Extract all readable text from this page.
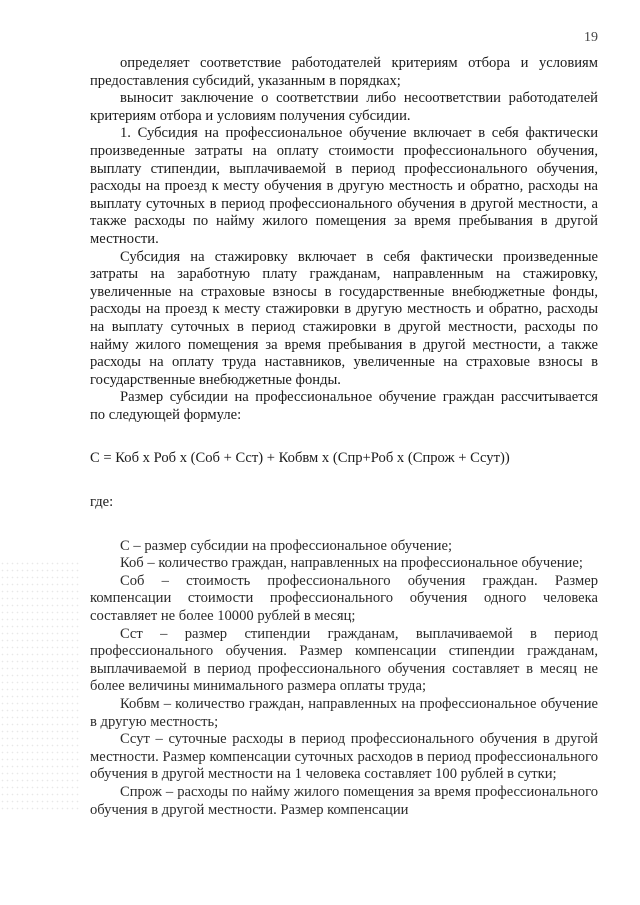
19

определяет соответствие работодателей критериям отбора и условиям предоставления субсидий, указанным в порядках;

выносит заключение о соответствии либо несоответствии работодателей критериям отбора и условиям получения субсидии.

1. Субсидия на профессиональное обучение включает в себя фактически произведенные затраты на оплату стоимости профессионального обучения, выплату стипендии, выплачиваемой в период профессионального обучения, расходы на проезд к месту обучения в другую местность и обратно, расходы на выплату суточных в период профессионального обучения в другой местности, а также расходы по найму жилого помещения за время пребывания в другой местности.

Субсидия на стажировку включает в себя фактически произведенные затраты на заработную плату гражданам, направленным на стажировку, увеличенные на страховые взносы в государственные внебюджетные фонды, расходы на проезд к месту стажировки в другую местность и обратно, расходы на выплату суточных в период стажировки в другой местности, расходы по найму жилого помещения за время пребывания в другой местности, а также расходы на оплату труда наставников, увеличенные на страховые взносы в государственные внебюджетные фонды.

Размер субсидии на профессиональное обучение граждан рассчитывается по следующей формуле:

С = Коб x Роб x (Соб + Сст) + Кобвм x (Спр+Роб x (Спрож + Ссут))

где:

С – размер субсидии на профессиональное обучение;

Коб – количество граждан, направленных на профессиональное обучение;

Соб – стоимость профессионального обучения граждан. Размер компенсации стоимости профессионального обучения одного человека составляет не более 10000 рублей в месяц;

Сст – размер стипендии гражданам, выплачиваемой в период профессионального обучения. Размер компенсации стипендии гражданам, выплачиваемой в период профессионального обучения составляет в месяц не более величины минимального размера оплаты труда;

Кобвм – количество граждан, направленных на профессиональное обучение в другую местность;

Ссут – суточные расходы в период профессионального обучения в другой местности. Размер компенсации суточных расходов в период профессионального обучения в другой местности на 1 человека составляет 100 рублей в сутки;

Спрож – расходы по найму жилого помещения за время профессионального обучения в другой местности. Размер компенсации
